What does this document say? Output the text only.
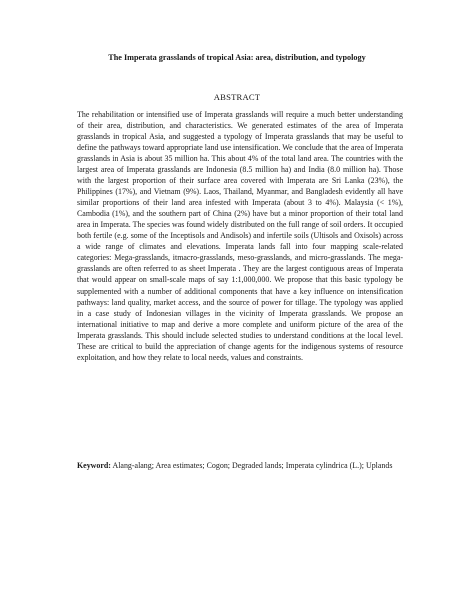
The Imperata grasslands of tropical Asia: area, distribution, and typology
ABSTRACT
The rehabilitation or intensified use of Imperata grasslands will require a much better understanding of their area, distribution, and characteristics. We generated estimates of the area of Imperata grasslands in tropical Asia, and suggested a typology of Imperata grasslands that may be useful to define the pathways toward appropriate land use intensification. We conclude that the area of Imperata grasslands in Asia is about 35 million ha. This about 4% of the total land area. The countries with the largest area of Imperata grasslands are Indonesia (8.5 million ha) and India (8.0 million ha). Those with the largest proportion of their surface area covered with Imperata are Sri Lanka (23%), the Philippines (17%), and Vietnam (9%). Laos, Thailand, Myanmar, and Bangladesh evidently all have similar proportions of their land area infested with Imperata (about 3 to 4%). Malaysia (< 1%), Cambodia (1%), and the southern part of China (2%) have but a minor proportion of their total land area in Imperata. The species was found widely distributed on the full range of soil orders. It occupied both fertile (e.g. some of the Inceptisols and Andisols) and infertile soils (Ultisols and Oxisols) across a wide range of climates and elevations. Imperata lands fall into four mapping scale-related categories: Mega-grasslands, itmacro-grasslands, meso-grasslands, and micro-grasslands. The mega-grasslands are often referred to as sheet Imperata . They are the largest contiguous areas of Imperata that would appear on small-scale maps of say 1:1,000,000. We propose that this basic typology be supplemented with a number of additional components that have a key influence on intensification pathways: land quality, market access, and the source of power for tillage. The typology was applied in a case study of Indonesian villages in the vicinity of Imperata grasslands. We propose an international initiative to map and derive a more complete and uniform picture of the area of the Imperata grasslands. This should include selected studies to understand conditions at the local level. These are critical to build the appreciation of change agents for the indigenous systems of resource exploitation, and how they relate to local needs, values and constraints.
Keyword: Alang-alang; Area estimates; Cogon; Degraded lands; Imperata cylindrica (L.); Uplands
